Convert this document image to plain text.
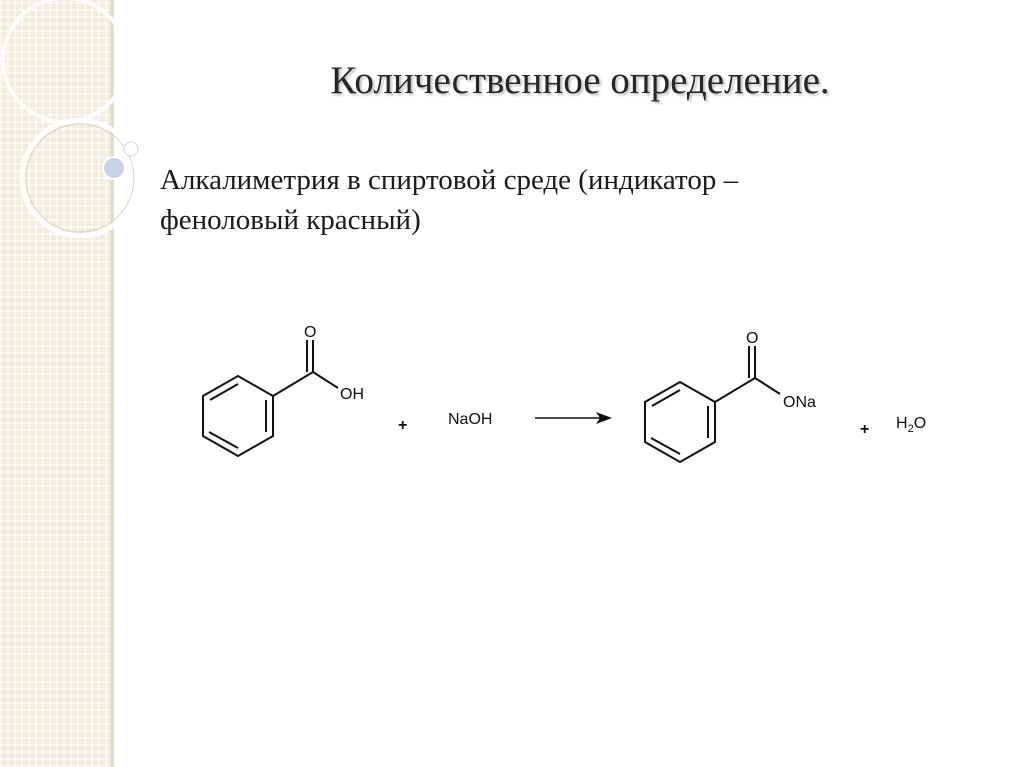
Количественное определение.
Алкалиметрия в спиртовой среде (индикатор –
феноловый красный)
O
OH
+	NaOH
O
ONa
+ $H_2O$
